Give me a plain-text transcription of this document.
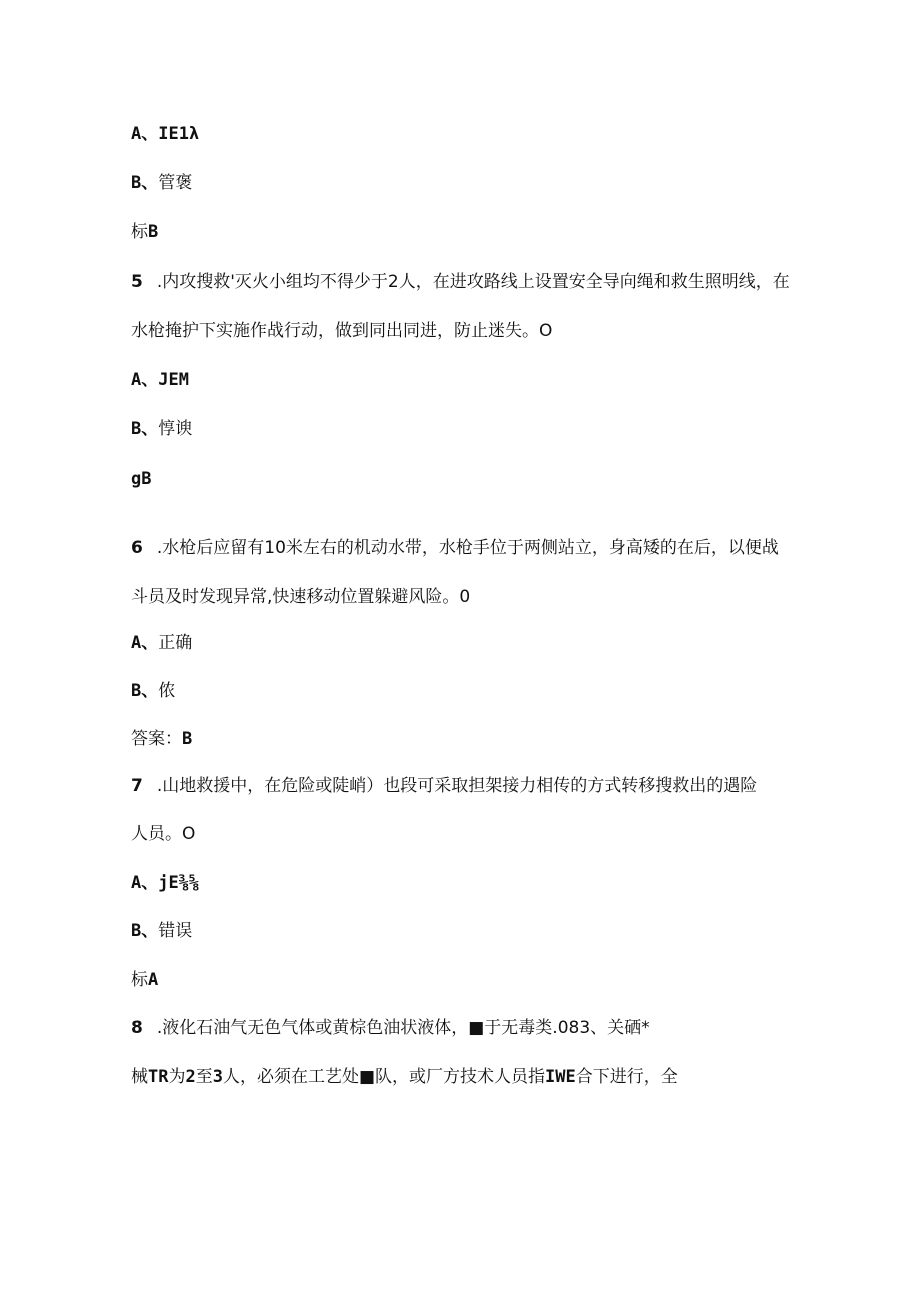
A、IE1λ
B、管褒
标B
5 .内攻搜救'灭火小组均不得少于2人，在进攻路线上设置安全导向绳和救生照明线，在
水枪掩护下实施作战行动，做到同出同进，防止迷失。O
A、JEM
B、惇谀
gB
6 .水枪后应留有10米左右的机动水带，水枪手位于两侧站立，身高矮的在后，以便战
斗员及时发现异常,快速移动位置躲避风险。0
A、正确
B、侬
答案：B
7 .山地救援中，在危险或陡峭）也段可采取担架接力相传的方式转移搜救出的遇险
人员。O
A、jE⅜⅝
B、错误
标A
8 .液化石油气无色气体或黄棕色油状液体，■于无毒类.083、关硒*
械TR为2至3人，必须在工艺处■队，或厂方技术人员指IWE合下进行，全
